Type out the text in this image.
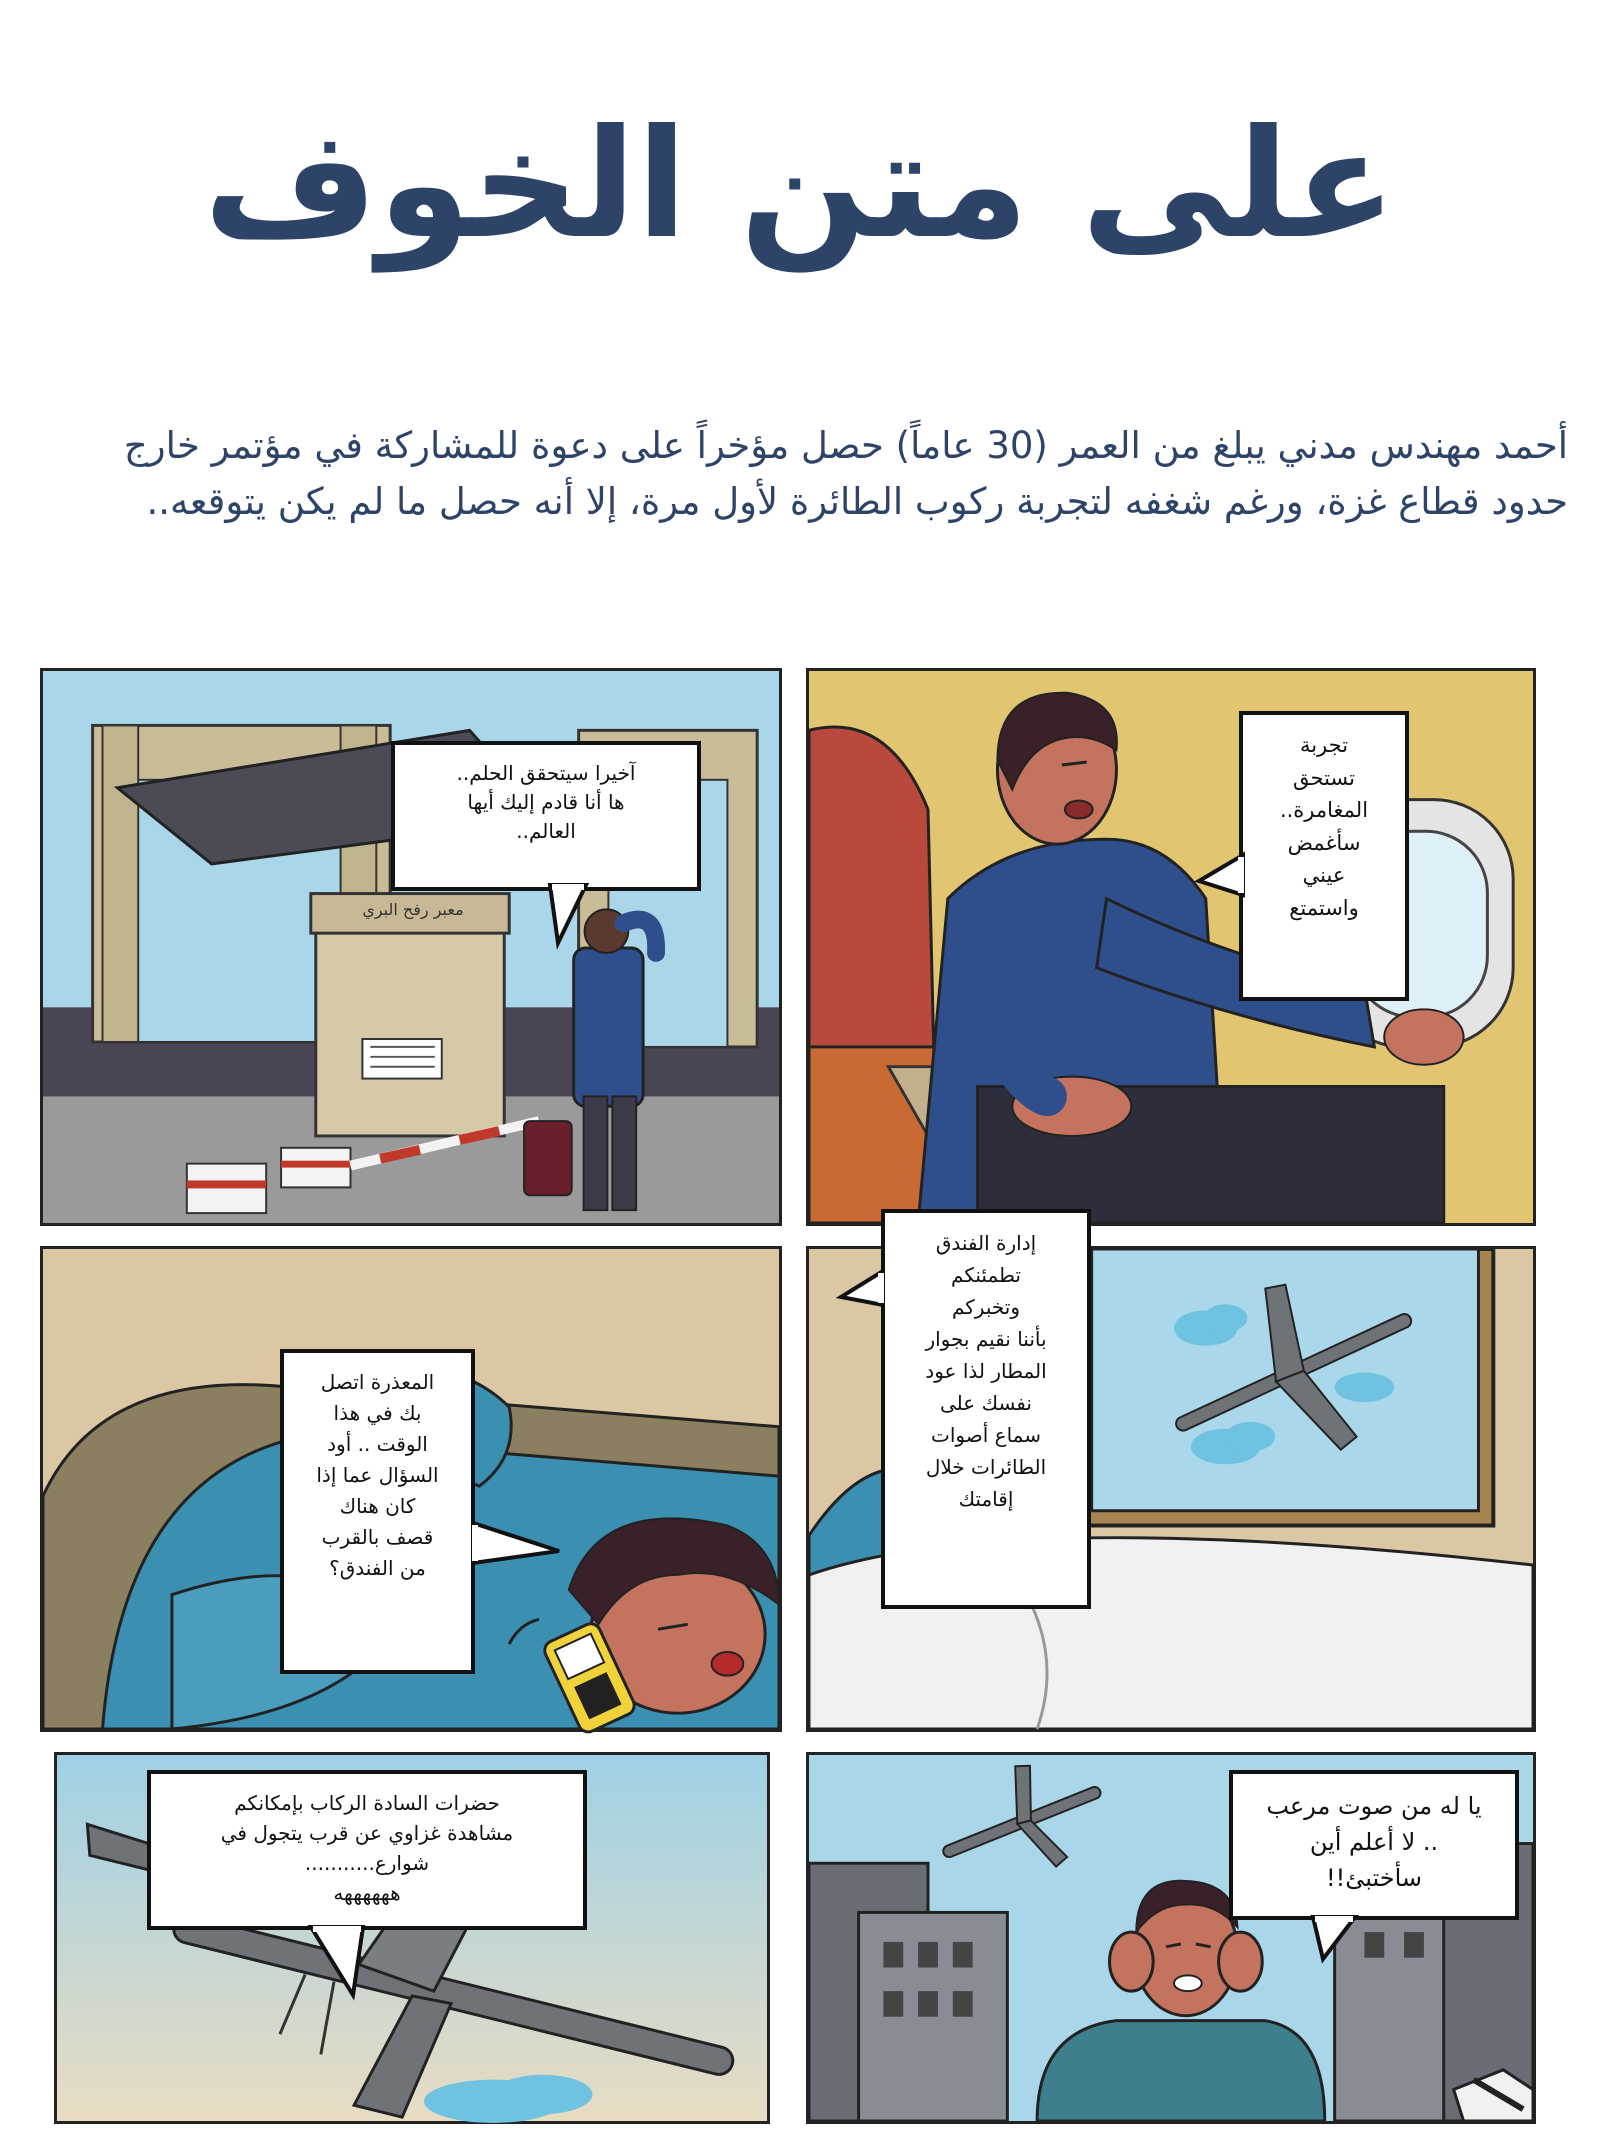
على متن الخوف
أحمد مهندس مدني يبلغ من العمر (30 عاماً) حصل مؤخراً على دعوة للمشاركة في مؤتمر خارج حدود قطاع غزة، ورغم شغفه لتجربة ركوب الطائرة لأول مرة، إلا أنه حصل ما لم يكن يتوقعه..
آخيرا سيتحقق الحلم..
ها أنا قادم إليك أيها
العالم..
تجربة
تستحق
المغامرة..
سأغمض
عيني
واستمتع
المعذرة اتصل
بك في هذا
الوقت .. أود
السؤال عما إذا
كان هناك
قصف بالقرب
من الفندق؟
إدارة الفندق
تطمئنكم
وتخبركم
بأننا نقيم بجوار
المطار لذا عود
نفسك على
سماع أصوات
الطائرات خلال
إقامتك
حضرات السادة الركاب بإمكانكم
مشاهدة غزاوي عن قرب يتجول في
شوارع...........
ههههههه
يا له من صوت مرعب
.. لا أعلم أين
سأختبئ!!
معبر رفح البري
